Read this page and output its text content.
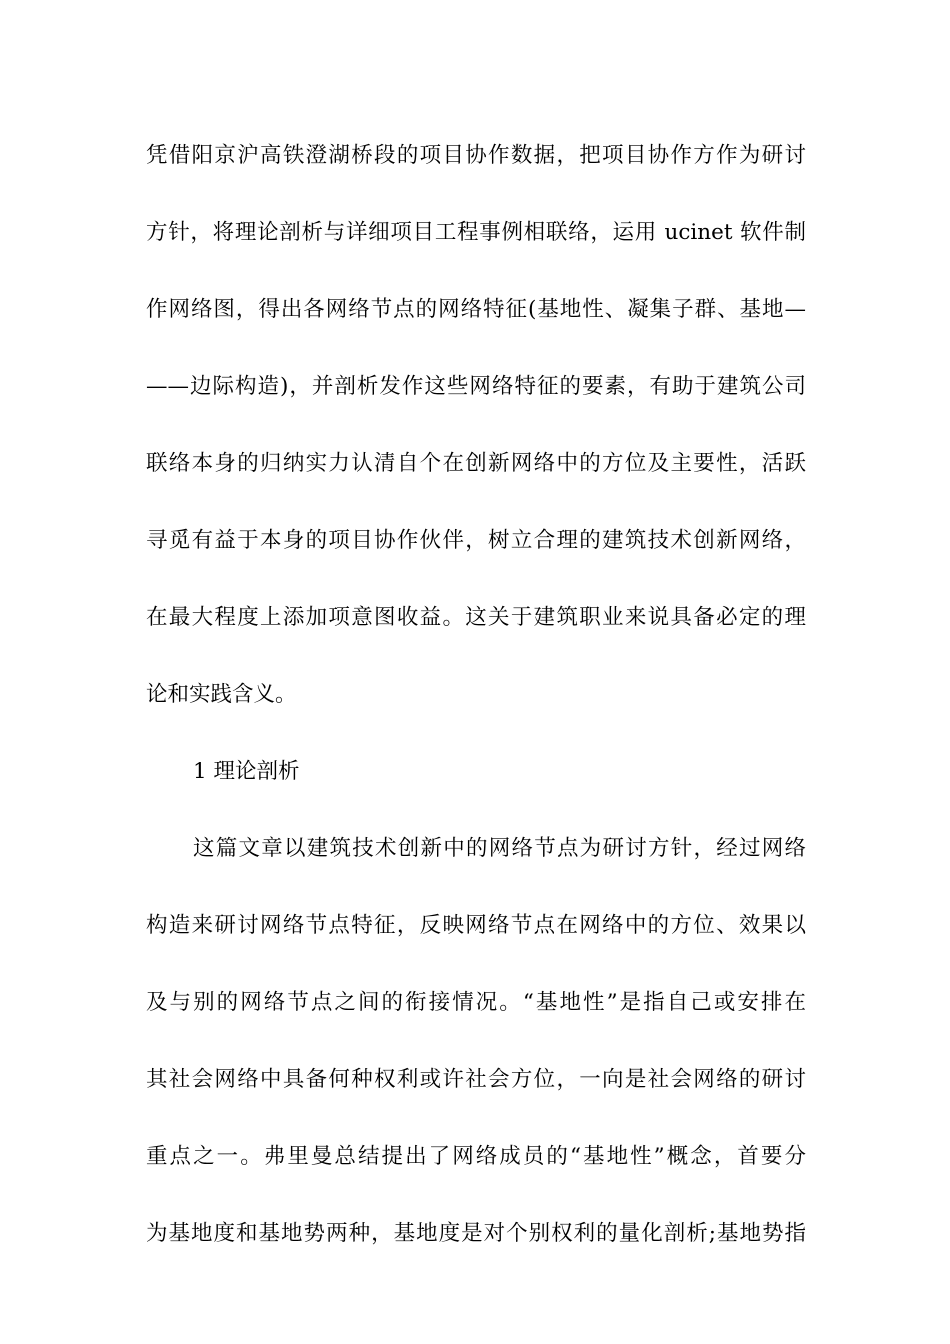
凭借阳京沪高铁澄湖桥段的项目协作数据，把项目协作方作为研讨
方针，将理论剖析与详细项目工程事例相联络，运用 ucinet 软件制
作网络图，得出各网络节点的网络特征(基地性、凝集子群、基地—
——边际构造)，并剖析发作这些网络特征的要素，有助于建筑公司
联络本身的归纳实力认清自个在创新网络中的方位及主要性，活跃
寻觅有益于本身的项目协作伙伴，树立合理的建筑技术创新网络，
在最大程度上添加项意图收益。这关于建筑职业来说具备必定的理
论和实践含义。
1 理论剖析
这篇文章以建筑技术创新中的网络节点为研讨方针，经过网络
构造来研讨网络节点特征，反映网络节点在网络中的方位、效果以
及与别的网络节点之间的衔接情况。“基地性”是指自己或安排在
其社会网络中具备何种权利或许社会方位，一向是社会网络的研讨
重点之一。弗里曼总结提出了网络成员的“基地性”概念，首要分
为基地度和基地势两种，基地度是对个别权利的量化剖析;基地势指
